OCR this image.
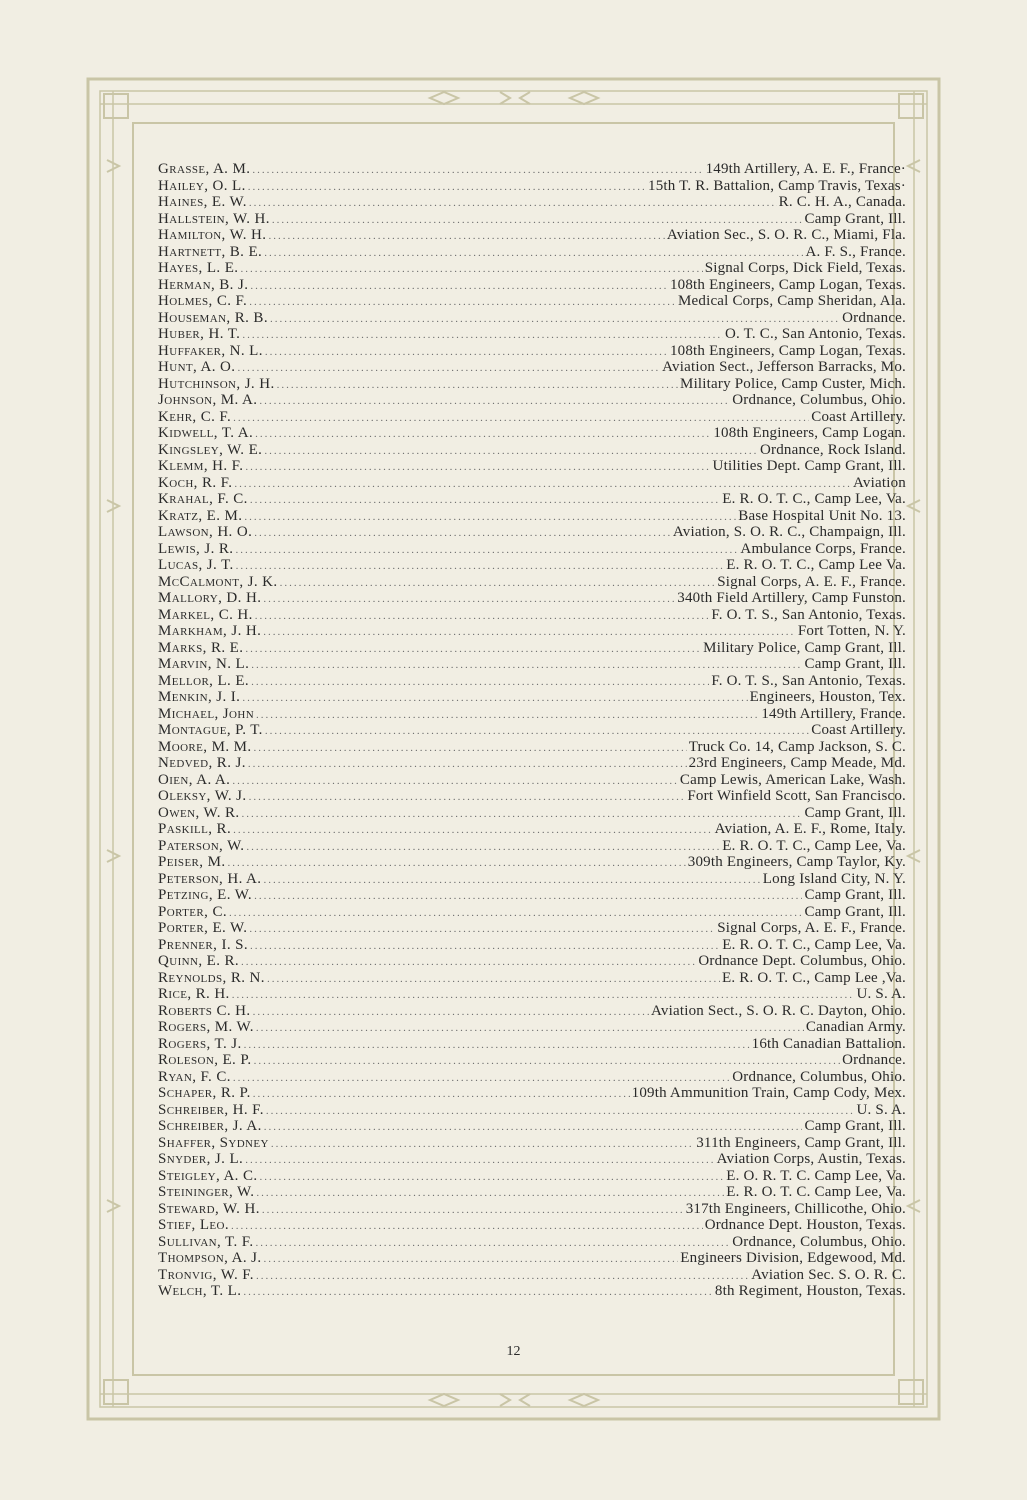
Grasse, A. M. .....	149th Artillery, A. E. F., France·
Hailey, O. L. .....	15th T. R. Battalion, Camp Travis, Texas·
Haines, E. W. .....	R. C. H. A., Canada.
Hallstein, W. H. .....	Camp Grant, Ill.
Hamilton, W. H. .....	Aviation Sec., S. O. R. C., Miami, Fla.
Hartnett, B. E. .....	A. F. S., France.
Hayes, L. E. .....	Signal Corps, Dick Field, Texas.
Herman, B. J. .....	108th Engineers, Camp Logan, Texas.
Holmes, C. F. .....	Medical Corps, Camp Sheridan, Ala.
Houseman, R. B. .....	Ordnance.
Huber, H. T. .....	O. T. C., San Antonio, Texas.
Huffaker, N. L. .....	108th Engineers, Camp Logan, Texas.
Hunt, A. O. .....	Aviation Sect., Jefferson Barracks, Mo.
Hutchinson, J. H. .....	Military Police, Camp Custer, Mich.
Johnson, M. A. .....	Ordnance, Columbus, Ohio.
Kehr, C. F. .....	Coast Artillery.
Kidwell, T. A. .....	108th Engineers, Camp Logan.
Kingsley, W. E. .....	Ordnance, Rock Island.
Klemm, H. F. .....	Utilities Dept. Camp Grant, Ill.
Koch, R. F. .....	Aviation
Krahal, F. C. .....	E. R. O. T. C., Camp Lee, Va.
Kratz, E. M. .....	Base Hospital Unit No. 13.
Lawson, H. O. .....	Aviation, S. O. R. C., Champaign, Ill.
Lewis, J. R. .....	Ambulance Corps, France.
Lucas, J. T. .....	E. R. O. T. C., Camp Lee Va.
McCalmont, J. K. .....	Signal Corps, A. E. F., France.
Mallory, D. H. .....	340th Field Artillery, Camp Funston.
Markel, C. H. .....	F. O. T. S., San Antonio, Texas.
Markham, J. H. .....	Fort Totten, N. Y.
Marks, R. E. .....	Military Police, Camp Grant, Ill.
Marvin, N. L. .....	Camp Grant, Ill.
Mellor, L. E. .....	F. O. T. S., San Antonio, Texas.
Menkin, J. I. .....	Engineers, Houston, Tex.
Michael, John .....	149th Artillery, France.
Montague, P. T. .....	Coast Artillery.
Moore, M. M. .....	Truck Co. 14, Camp Jackson, S. C.
Nedved, R. J. .....	23rd Engineers, Camp Meade, Md.
Oien, A. A. .....	Camp Lewis, American Lake, Wash.
Oleksy, W. J. .....	Fort Winfield Scott, San Francisco.
Owen, W. R. .....	Camp Grant, Ill.
Paskill, R. .....	Aviation, A. E. F., Rome, Italy.
Paterson, W. .....	E. R. O. T. C., Camp Lee, Va.
Peiser, M. .....	309th Engineers, Camp Taylor, Ky.
Peterson, H. A. .....	Long Island City, N. Y.
Petzing, E. W. .....	Camp Grant, Ill.
Porter, C. .....	Camp Grant, Ill.
Porter, E. W. .....	Signal Corps, A. E. F., France.
Prenner, I. S. .....	E. R. O. T. C., Camp Lee, Va.
Quinn, E. R. .....	Ordnance Dept. Columbus, Ohio.
Reynolds, R. N. .....	E. R. O. T. C., Camp Lee ,Va.
Rice, R. H. .....	U. S. A.
Roberts C. H. .....	Aviation Sect., S. O. R. C. Dayton, Ohio.
Rogers, M. W. .....	Canadian Army.
Rogers, T. J. .....	16th Canadian Battalion.
Roleson, E. P. .....	Ordnance.
Ryan, F. C. .....	Ordnance, Columbus, Ohio.
Schaper, R. P. .....	109th Ammunition Train, Camp Cody, Mex.
Schreiber, H. F. .....	U. S. A.
Schreiber, J. A. .....	Camp Grant, Ill.
Shaffer, Sydney .....	311th Engineers, Camp Grant, Ill.
Snyder, J. L. .....	Aviation Corps, Austin, Texas.
Steigley, A. C. .....	E. O. R. T. C. Camp Lee, Va.
Steininger, W. .....	E. R. O. T. C. Camp Lee, Va.
Steward, W. H. .....	317th Engineers, Chillicothe, Ohio.
Stief, Leo. .....	Ordnance Dept. Houston, Texas.
Sullivan, T. F. .....	Ordnance, Columbus, Ohio.
Thompson, A. J. .....	Engineers Division, Edgewood, Md.
Tronvig, W. F. .....	Aviation Sec. S. O. R. C.
Welch, T. L. .....	8th Regiment, Houston, Texas.
12
